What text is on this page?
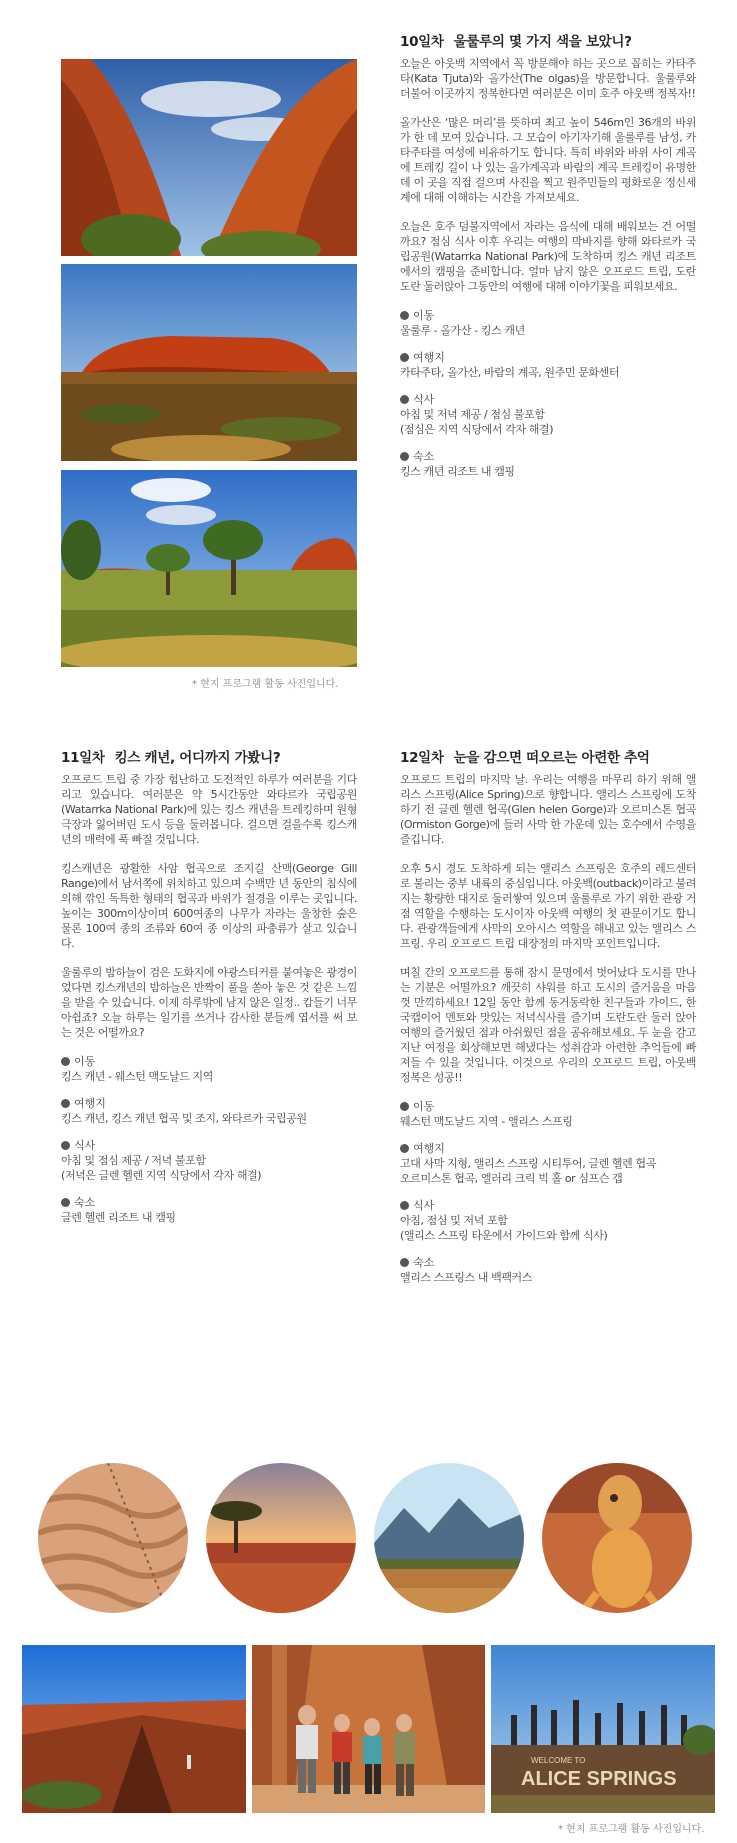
* 현지 프로그램 활동 사진입니다.
10일차 울룰루의 몇 가지 색을 보았니?

오늘은 아웃백 지역에서 꼭 방문해야 하는 곳으로 꼽히는 카타주타(Kata Tjuta)와 올가산(The olgas)을 방문합니다. 울룰루와 더불어 이곳까지 정복한다면 여러분은 이미 호주 아웃백 정복자!!

올가산은 ‘많은 머리’를 뜻하며 최고 높이 546m인 36개의 바위가 한 데 모여 있습니다. 그 모습이 아기자기해 울룰루를 남성, 카타주타를 여성에 비유하기도 합니다. 특히 바위와 바위 사이 계곡에 트레킹 길이 나 있는 올가계곡과 바람의 계곡 트레킹이 유명한데 이 곳을 직접 걸으며 사진을 찍고 원주민들의 평화로운 정신세계에 대해 이해하는 시간을 가져보세요.

오늘은 호주 덤불지역에서 자라는 음식에 대해 배워보는 건 어떨까요? 점심 식사 이후 우리는 여행의 막바지를 향해 와타르카 국립공원(Watarrka National Park)에 도착하며 킹스 캐년 리조트에서의 캠핑을 준비합니다. 얼마 남지 않은 오프로드 트립, 도란도란 둘러앉아 그동안의 여행에 대해 이야기꽃을 피워보세요.

이동
울룰루 - 올가산 - 킹스 캐년
여행지
카타주타, 올가산, 바람의 계곡, 원주민 문화센터
식사
아침 및 저녁 제공 / 점심 불포함
(점심은 지역 식당에서 각자 해결)
숙소
킹스 캐년 리조트 내 캠핑
11일차 킹스 캐년, 어디까지 가봤니?

오프로드 트립 중 가장 험난하고 도전적인 하루가 여러분을 기다리고 있습니다. 여러분은 약 5시간동안 와타르카 국립공원(Watarrka National Park)에 있는 킹스 캐년을 트레킹하며 원형극장과 잃어버린 도시 등을 둘러봅니다. 걸으면 걸을수록 킹스캐년의 매력에 푹 빠질 것입니다.

킹스캐년은 광활한 사암 협곡으로 조지길 산맥(George Gill Range)에서 남서쪽에 위치하고 있으며 수백만 년 동안의 침식에 의해 깎인 독특한 형태의 협곡과 바위가 절경을 이루는 곳입니다. 높이는 300m이상이며 600여종의 나무가 자라는 울창한 숲은 물론 100여 종의 조류와 60여 종 이상의 파충류가 살고 있습니다.

울룰루의 밤하늘이 검은 도화지에 야광스티커를 붙여놓은 광경이었다면 킹스캐년의 밤하늘은 반짝이 풀을 쏟아 놓은 것 같은 느낌을 받을 수 있습니다. 이제 하루밖에 남지 않은 일정.. 캄들기 너무 아쉽죠? 오늘 하루는 일기를 쓰거나 감사한 분들께 엽서를 써 보는 것은 어떨까요?

이동
킹스 캐년 - 웨스턴 맥도날드 지역
여행지
킹스 캐년, 킹스 캐년 협곡 및 조지, 와타르카 국립공원
식사
아침 및 점심 제공 / 저녁 불포함
(저녁은 글렌 헬렌 지역 식당에서 각자 해결)
숙소
글렌 헬렌 리조트 내 캠핑
12일차 눈을 감으면 떠오르는 아련한 추억

오프로드 트립의 마지막 날. 우리는 여행을 마무리 하기 위해 앨리스 스프링(Alice Spring)으로 향합니다. 앨리스 스프링에 도착하기 전 글렌 헬렌 협곡(Glen helen Gorge)과 오르미스톤 협곡(Ormiston Gorge)에 들러 사막 한 가운데 있는 호수에서 수영을 즐깁니다.

오후 5시 경도 도착하게 되는 앨리스 스프링은 호주의 레드센터로 불리는 중부 내륙의 중심입니다. 아웃백(outback)이라고 불려지는 황량한 대지로 둘러쌓여 있으며 울룰루로 가기 위한 관광 거점 역할을 수행하는 도시이자 아웃백 여행의 첫 관문이기도 합니다. 관광객들에게 사막의 오아시스 역할을 해내고 있는 앨리스 스프링. 우리 오프로드 트립 대장정의 마지막 포인트입니다.

며칠 간의 오프로드를 통해 잠시 문명에서 벗어났다 도시를 만나는 기분은 어떨까요? 깨끗히 샤워를 하고 도시의 즐거움을 마음껏 만끽하세요! 12일 동안 함께 동거동락한 친구들과 가이드, 한국캡이어 멘토와 맛있는 저녁식사를 즐기며 도란도란 둘러 앉아 여행의 즐거웠던 점과 아쉬웠던 점을 공유해보세요. 두 눈을 감고 지난 여정을 회상해보면 해냈다는 성취감과 아련한 추억들에 빠져들 수 있을 것입니다. 이것으로 우리의 오프로드 트립, 아웃백 정복은 성공!!

이동
웨스턴 맥도날드 지역 - 앨리스 스프링
여행지
고대 사막 지형, 앨리스 스프링 시티투어, 글렌 헬렌 협곡
오르미스톤 협곡, 엘러리 크릭 빅 홀 or 심프슨 갭
식사
아침, 점심 및 저녁 포함
(앨리스 스프링 타운에서 가이드와 함께 식사)
숙소
앨리스 스프링스 내 백팩커스
WELCOME TO
ALICE SPRINGS
* 현지 프로그램 활동 사진입니다.
